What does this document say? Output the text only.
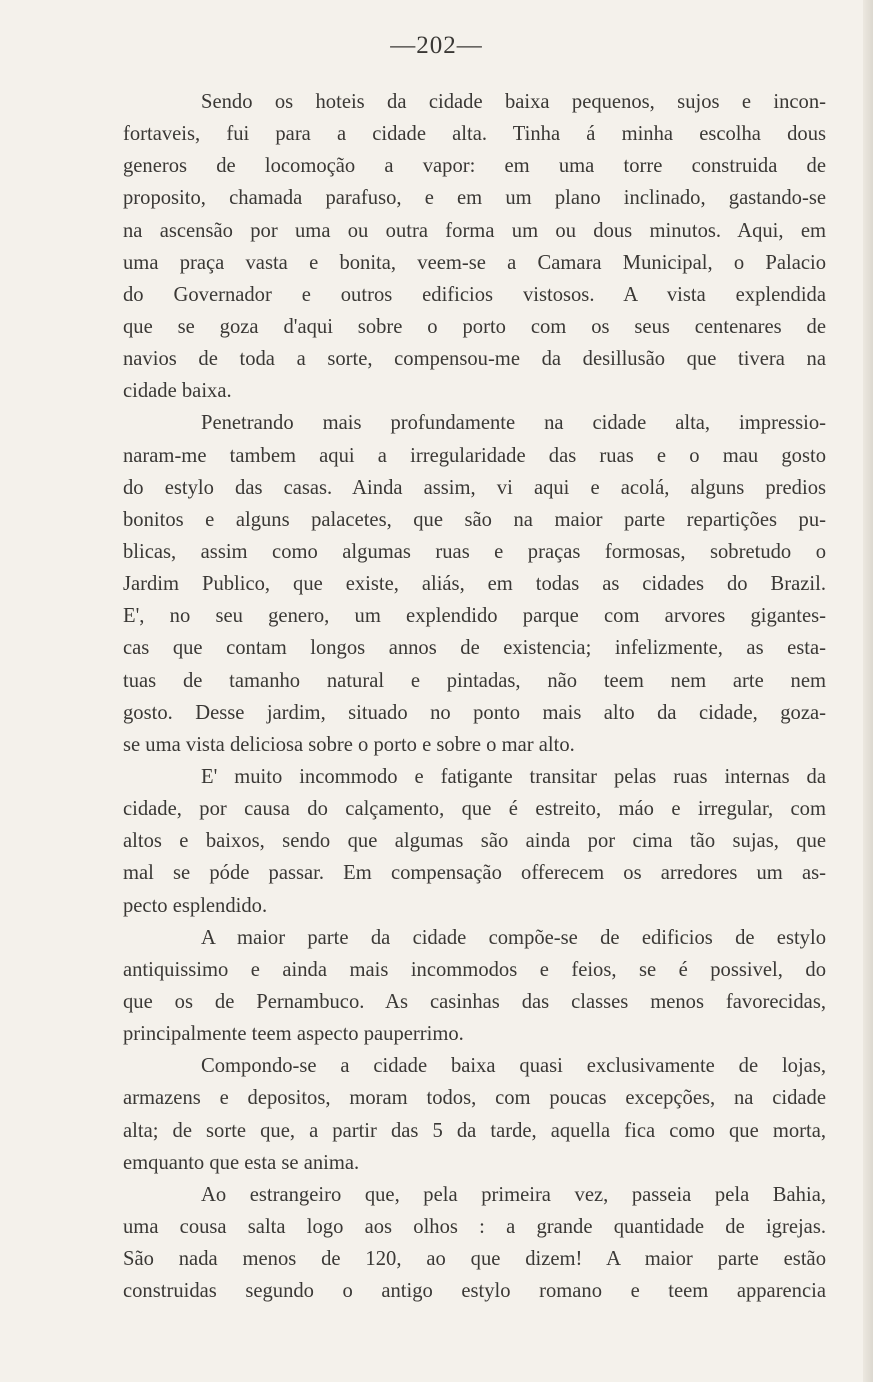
—202—
Sendo os hoteis da cidade baixa pequenos, sujos e incon-
fortaveis, fui para a cidade alta. Tinha á minha escolha dous
generos de locomoção a vapor: em uma torre construida de
proposito, chamada parafuso, e em um plano inclinado, gastando-se
na ascensão por uma ou outra forma um ou dous minutos. Aqui, em
uma praça vasta e bonita, veem-se a Camara Municipal, o Palacio
do Governador e outros edificios vistosos. A vista explendida
que se goza d'aqui sobre o porto com os seus centenares de
navios de toda a sorte, compensou-me da desillusão que tivera na
cidade baixa.
Penetrando mais profundamente na cidade alta, impressio-
naram-me tambem aqui a irregularidade das ruas e o mau gosto
do estylo das casas. Ainda assim, vi aqui e acolá, alguns predios
bonitos e alguns palacetes, que são na maior parte repartições pu-
blicas, assim como algumas ruas e praças formosas, sobretudo o
Jardim Publico, que existe, aliás, em todas as cidades do Brazil.
E', no seu genero, um explendido parque com arvores gigantes-
cas que contam longos annos de existencia; infelizmente, as esta-
tuas de tamanho natural e pintadas, não teem nem arte nem
gosto. Desse jardim, situado no ponto mais alto da cidade, goza-
se uma vista deliciosa sobre o porto e sobre o mar alto.
E' muito incommodo e fatigante transitar pelas ruas internas da
cidade, por causa do calçamento, que é estreito, máo e irregular, com
altos e baixos, sendo que algumas são ainda por cima tão sujas, que
mal se póde passar. Em compensação offerecem os arredores um as-
pecto esplendido.
A maior parte da cidade compõe-se de edificios de estylo
antiquissimo e ainda mais incommodos e feios, se é possivel, do
que os de Pernambuco. As casinhas das classes menos favorecidas,
principalmente teem aspecto pauperrimo.
Compondo-se a cidade baixa quasi exclusivamente de lojas,
armazens e depositos, moram todos, com poucas excepções, na cidade
alta; de sorte que, a partir das 5 da tarde, aquella fica como que morta,
emquanto que esta se anima.
Ao estrangeiro que, pela primeira vez, passeia pela Bahia,
uma cousa salta logo aos olhos : a grande quantidade de igrejas.
São nada menos de 120, ao que dizem! A maior parte estão
construidas segundo o antigo estylo romano e teem apparencia
